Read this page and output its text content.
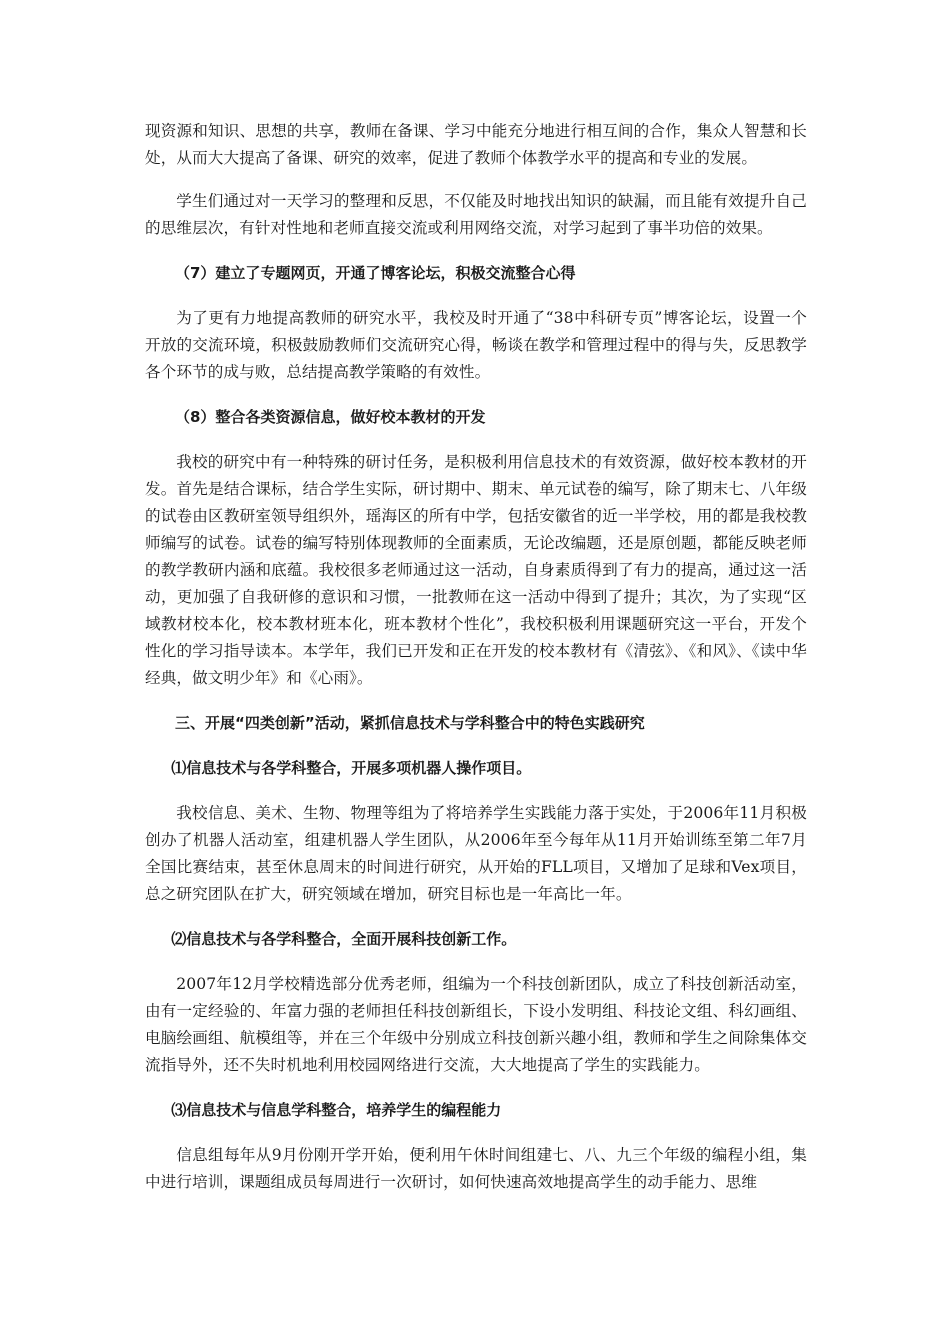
现资源和知识、思想的共享，教师在备课、学习中能充分地进行相互间的合作，集众人智慧和长处，从而大大提高了备课、研究的效率，促进了教师个体教学水平的提高和专业的发展。

学生们通过对一天学习的整理和反思，不仅能及时地找出知识的缺漏，而且能有效提升自己的思维层次，有针对性地和老师直接交流或利用网络交流，对学习起到了事半功倍的效果。

（7）建立了专题网页，开通了博客论坛，积极交流整合心得

为了更有力地提高教师的研究水平，我校及时开通了“38中科研专页”博客论坛，设置一个开放的交流环境，积极鼓励教师们交流研究心得，畅谈在教学和管理过程中的得与失，反思教学各个环节的成与败，总结提高教学策略的有效性。

（8）整合各类资源信息，做好校本教材的开发

我校的研究中有一种特殊的研讨任务，是积极利用信息技术的有效资源，做好校本教材的开发。首先是结合课标，结合学生实际，研讨期中、期末、单元试卷的编写，除了期末七、八年级的试卷由区教研室领导组织外，瑶海区的所有中学，包括安徽省的近一半学校，用的都是我校教师编写的试卷。试卷的编写特别体现教师的全面素质，无论改编题，还是原创题，都能反映老师的教学教研内涵和底蕴。我校很多老师通过这一活动，自身素质得到了有力的提高，通过这一活动，更加强了自我研修的意识和习惯，一批教师在这一活动中得到了提升；其次，为了实现“区域教材校本化，校本教材班本化，班本教材个性化”，我校积极利用课题研究这一平台，开发个性化的学习指导读本。本学年，我们已开发和正在开发的校本教材有《清弦》、《和风》、《读中华经典，做文明少年》和《心雨》。

三、开展“四类创新”活动，紧抓信息技术与学科整合中的特色实践研究

⑴信息技术与各学科整合，开展多项机器人操作项目。

我校信息、美术、生物、物理等组为了将培养学生实践能力落于实处，于2006年11月积极创办了机器人活动室，组建机器人学生团队，从2006年至今每年从11月开始训练至第二年7月全国比赛结束，甚至休息周末的时间进行研究，从开始的FLL项目，又增加了足球和Vex项目，总之研究团队在扩大，研究领域在增加，研究目标也是一年高比一年。

⑵信息技术与各学科整合，全面开展科技创新工作。

2007年12月学校精选部分优秀老师，组编为一个科技创新团队，成立了科技创新活动室，由有一定经验的、年富力强的老师担任科技创新组长，下设小发明组、科技论文组、科幻画组、电脑绘画组、航模组等，并在三个年级中分别成立科技创新兴趣小组，教师和学生之间除集体交流指导外，还不失时机地利用校园网络进行交流，大大地提高了学生的实践能力。

⑶信息技术与信息学科整合，培养学生的编程能力

信息组每年从9月份刚开学开始，便利用午休时间组建七、八、九三个年级的编程小组，集中进行培训，课题组成员每周进行一次研讨，如何快速高效地提高学生的动手能力、思维
